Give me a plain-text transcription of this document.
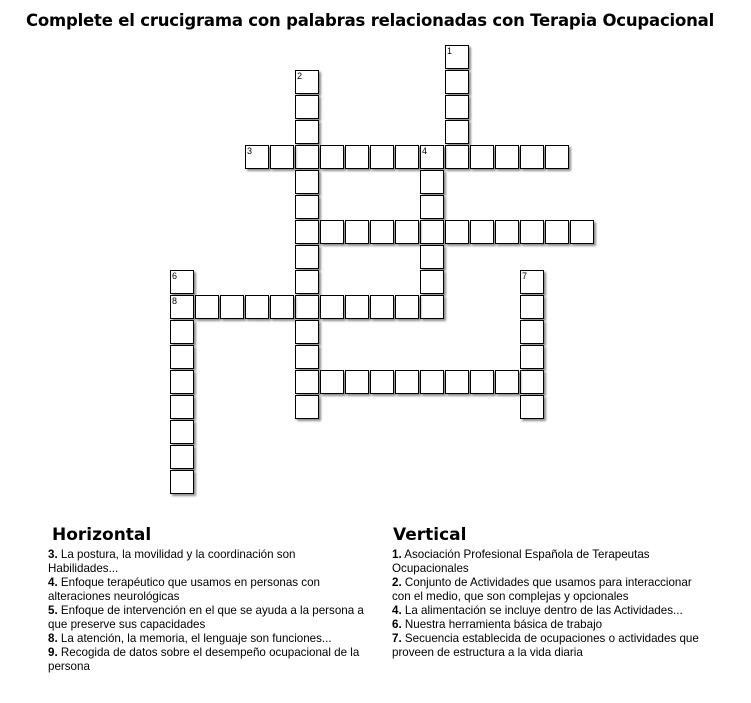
Complete el crucigrama con palabras relacionadas con Terapia Ocupacional
1
2
3	4
6
8
7
Horizontal

3. La postura, la movilidad y la coordinación son Habilidades...

4. Enfoque terapéutico que usamos en personas con alteraciones neurológicas

5. Enfoque de intervención en el que se ayuda a la persona a que preserve sus capacidades

8. La atención, la memoria, el lenguaje son funciones...

9. Recogida de datos sobre el desempeño ocupacional de la persona

Vertical

1. Asociación Profesional Española de Terapeutas Ocupacionales

2. Conjunto de Actividades que usamos para interaccionar con el medio, que son complejas y opcionales

4. La alimentación se incluye dentro de las Actividades...

6. Nuestra herramienta básica de trabajo

7. Secuencia establecida de ocupaciones o actividades que proveen de estructura a la vida diaria
